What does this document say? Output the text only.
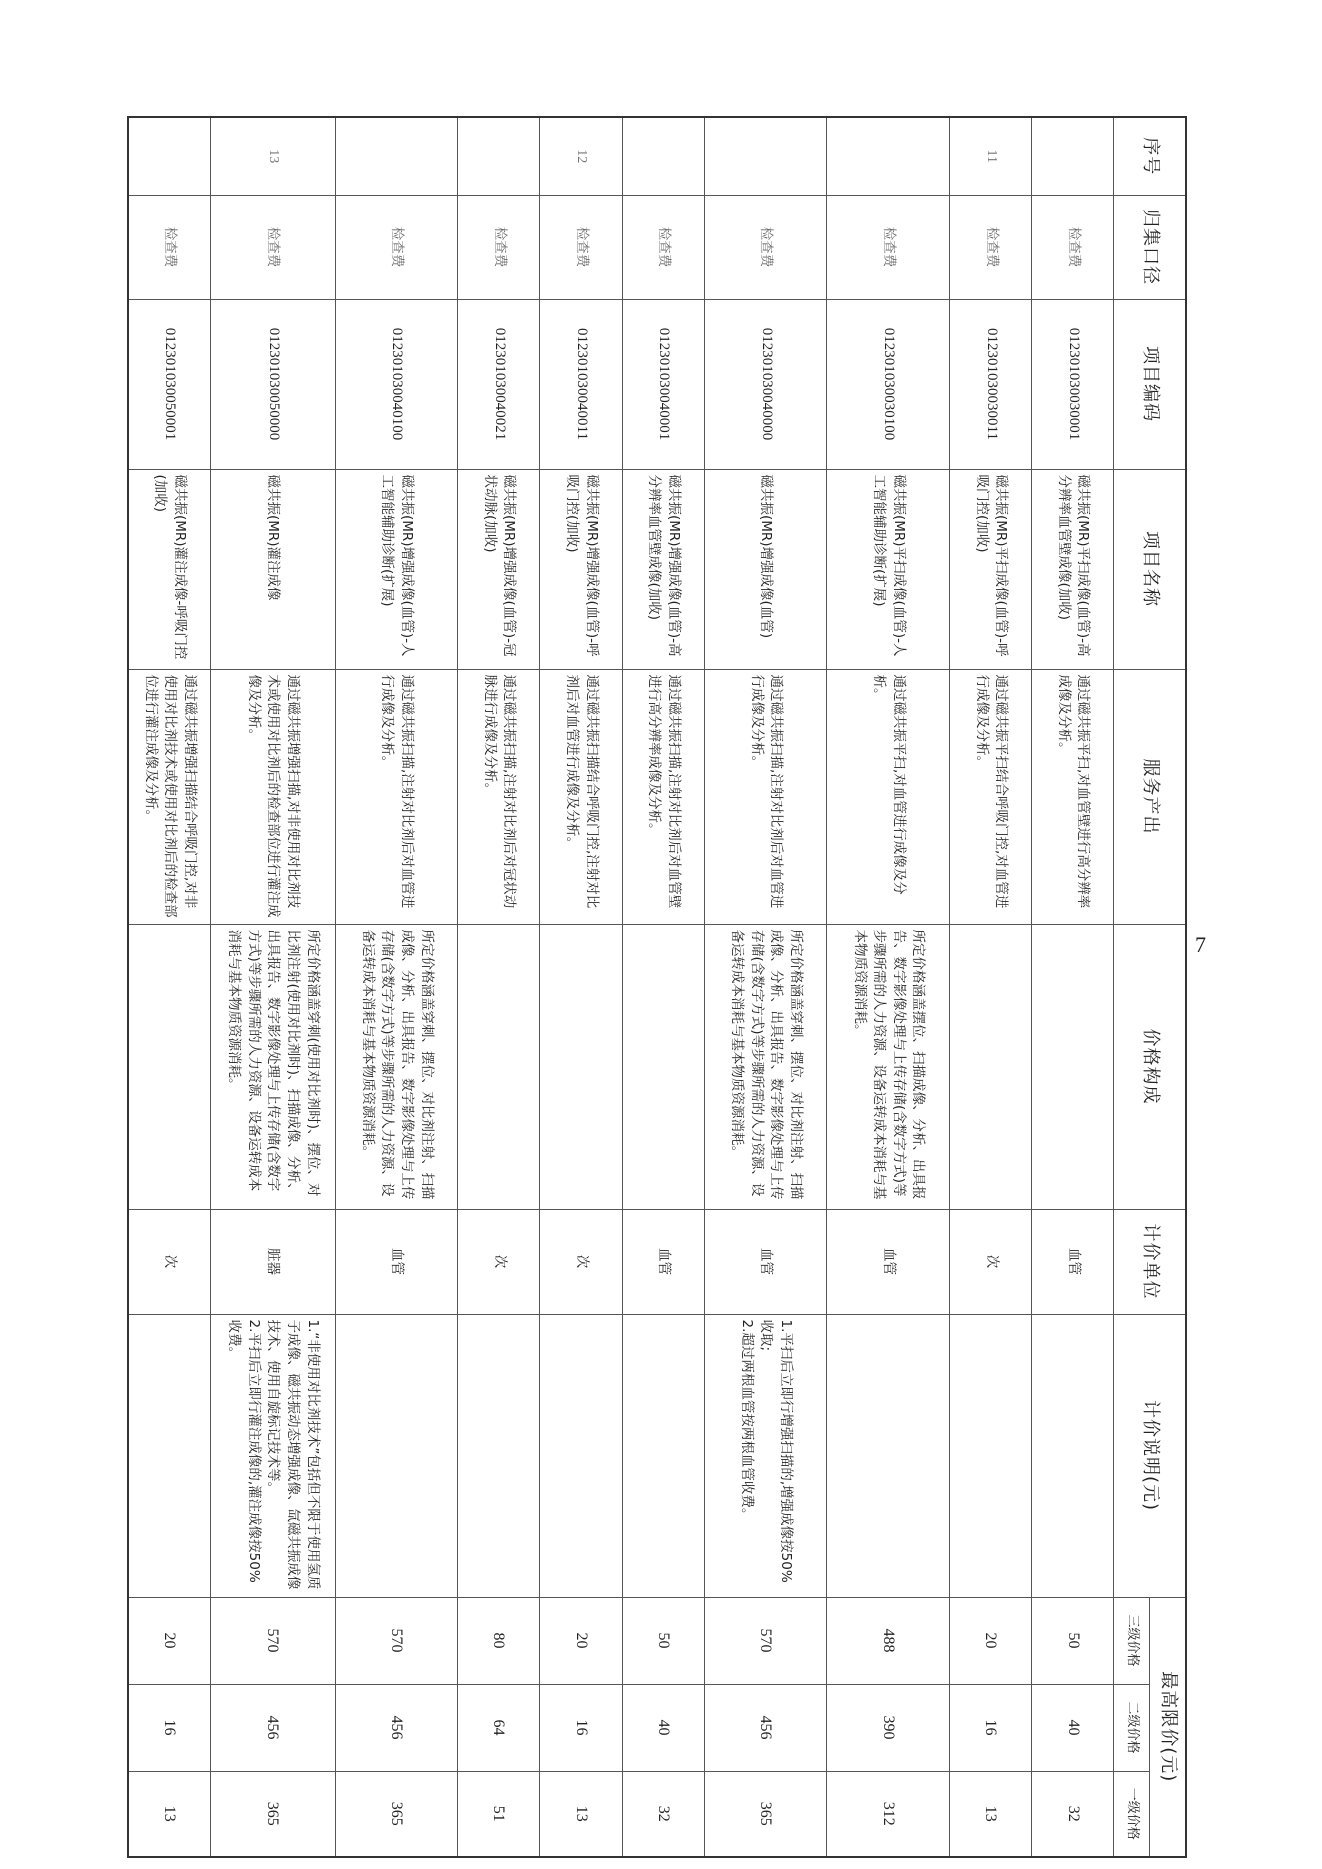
序号	归集口径	项目编码	项目名称	服务产出	价格构成	计价单位	计价说明(元)	最高限价(元)		
								三级价格	二级价格	一级价格
	检查费	012301030030001	磁共振(MR)平扫成像(血管)-高分辨率血管壁成像(加收)	通过磁共振平扫,对血管壁进行高分辨率成像及分析。		血管		50	40	32
11	检查费	012301030030011	磁共振(MR)平扫成像(血管)-呼吸门控(加收)	通过磁共振平扫结合呼吸门控,对血管进行成像及分析。		次		20	16	13
	检查费	012301030030100	磁共振(MR)平扫成像(血管)-人工智能辅助诊断(扩展)	通过磁共振平扫,对血管进行成像及分析。	所定价格涵盖摆位、扫描成像、分析、出具报告、数字影像处理与上传存储(含数字方式)等步骤所需的人力资源、设备运转成本消耗与基本物质资源消耗。	血管		488	390	312
	检查费	012301030040000	磁共振(MR)增强成像(血管)	通过磁共振扫描,注射对比剂后对血管进行成像及分析。	所定价格涵盖穿刺、摆位、对比剂注射、扫描成像、分析、出具报告、数字影像处理与上传存储(含数字方式)等步骤所需的人力资源、设备运转成本消耗与基本物质资源消耗。	血管	1.平扫后立即行增强扫描的,增强成像按50%收取;
2.超过两根血管按两根血管收费。	570	456	365
	检查费	012301030040001	磁共振(MR)增强成像(血管)-高分辨率血管壁成像(加收)	通过磁共振扫描,注射对比剂后对血管壁进行高分辨率成像及分析。		血管		50	40	32
12	检查费	012301030040011	磁共振(MR)增强成像(血管)-呼吸门控(加收)	通过磁共振扫描结合呼吸门控,注射对比剂后对血管进行成像及分析。		次		20	16	13
	检查费	012301030040021	磁共振(MR)增强成像(血管)-冠状动脉(加收)	通过磁共振扫描,注射对比剂后对冠状动脉进行成像及分析。		次		80	64	51
	检查费	012301030040100	磁共振(MR)增强成像(血管)-人工智能辅助诊断(扩展)	通过磁共振扫描,注射对比剂后对血管进行成像及分析。	所定价格涵盖穿刺、摆位、对比剂注射、扫描成像、分析、出具报告、数字影像处理与上传存储(含数字方式)等步骤所需的人力资源、设备运转成本消耗与基本物质资源消耗。	血管		570	456	365
13	检查费	012301030050000	磁共振(MR)灌注成像	通过磁共振增强扫描,对非使用对比剂技术或使用对比剂后的检查部位进行灌注成像及分析。	所定价格涵盖穿刺(使用对比剂时)、摆位、对比剂注射(使用对比剂时)、扫描成像、分析、出具报告、数字影像处理与上传存储(含数字方式)等步骤所需的人力资源、设备运转成本消耗与基本物质资源消耗。	脏器	1.“非使用对比剂技术”包括但不限于使用氢质子成像、磁共振动态增强成像、氙磁共振成像技术、使用自旋标记技术等。
2.平扫后立即行灌注成像的,灌注成像按50%收费。	570	456	365
	检查费	012301030050001	磁共振(MR)灌注成像-呼吸门控(加收)	通过磁共振增强扫描结合呼吸门控,对非使用对比剂技术或使用对比剂后的检查部位进行灌注成像及分析。		次		20	16	13
7
